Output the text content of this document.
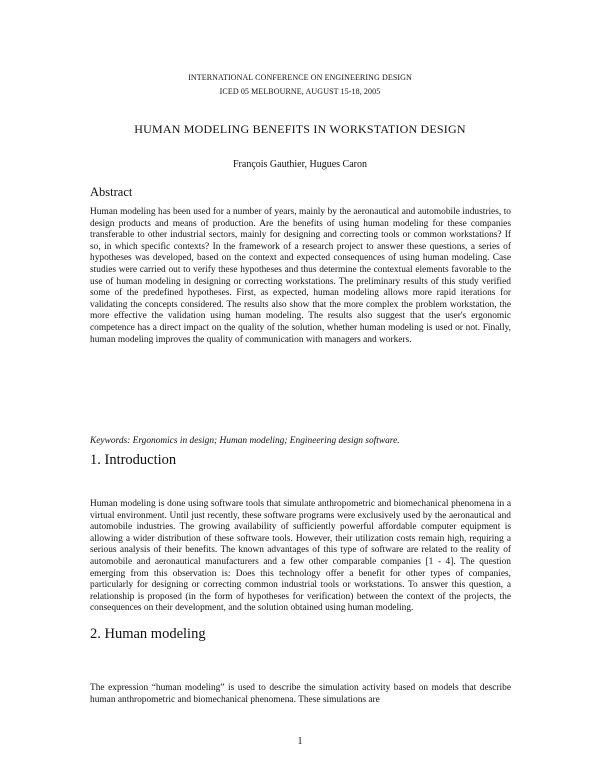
INTERNATIONAL CONFERENCE ON ENGINEERING DESIGN
ICED 05 MELBOURNE, AUGUST 15-18, 2005
HUMAN MODELING BENEFITS IN WORKSTATION DESIGN
François Gauthier, Hugues Caron
Abstract

Human modeling has been used for a number of years, mainly by the aeronautical and automobile industries, to design products and means of production. Are the benefits of using human modeling for these companies transferable to other industrial sectors, mainly for designing and correcting tools or common workstations? If so, in which specific contexts? In the framework of a research project to answer these questions, a series of hypotheses was developed, based on the context and expected consequences of using human modeling. Case studies were carried out to verify these hypotheses and thus determine the contextual elements favorable to the use of human modeling in designing or correcting workstations. The preliminary results of this study verified some of the predefined hypotheses. First, as expected, human modeling allows more rapid iterations for validating the concepts considered. The results also show that the more complex the problem workstation, the more effective the validation using human modeling. The results also suggest that the user's ergonomic competence has a direct impact on the quality of the solution, whether human modeling is used or not. Finally, human modeling improves the quality of communication with managers and workers.

Keywords: Ergonomics in design; Human modeling; Engineering design software.
1. Introduction

Human modeling is done using software tools that simulate anthropometric and biomechanical phenomena in a virtual environment. Until just recently, these software programs were exclusively used by the aeronautical and automobile industries. The growing availability of sufficiently powerful affordable computer equipment is allowing a wider distribution of these software tools. However, their utilization costs remain high, requiring a serious analysis of their benefits. The known advantages of this type of software are related to the reality of automobile and aeronautical manufacturers and a few other comparable companies [1 - 4]. The question emerging from this observation is: Does this technology offer a benefit for other types of companies, particularly for designing or correcting common industrial tools or workstations. To answer this question, a relationship is proposed (in the form of hypotheses for verification) between the context of the projects, the consequences on their development, and the solution obtained using human modeling.

2. Human modeling

The expression “human modeling” is used to describe the simulation activity based on models that describe human anthropometric and biomechanical phenomena. These simulations are

1
